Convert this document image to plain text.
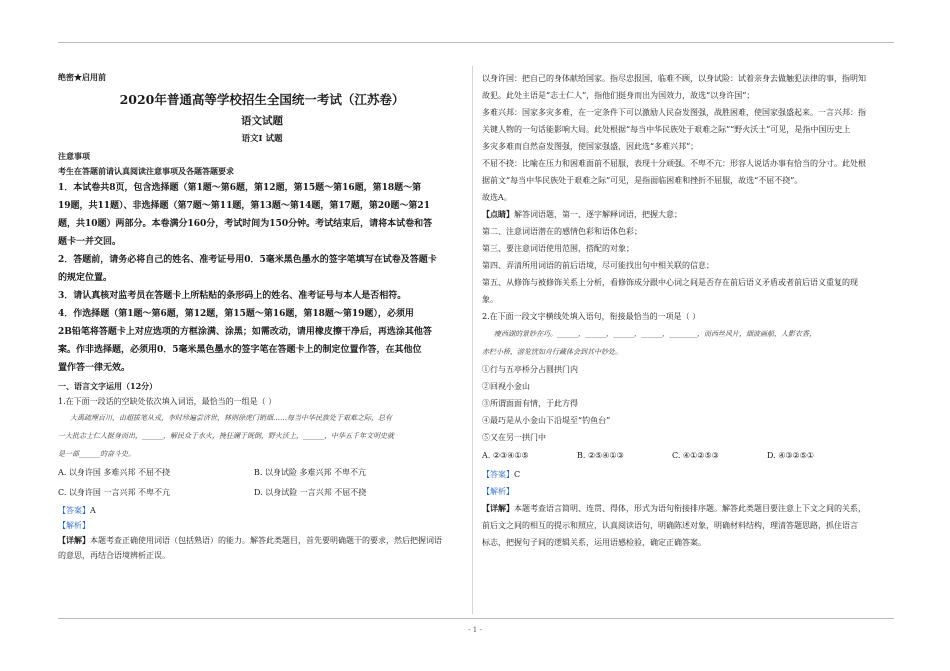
绝密★启用前
2020年普通高等学校招生全国统一考试（江苏卷）
语文试题
语文Ⅰ 试题
注意事项
考生在答题前请认真阅读注意事项及各题答题要求
1．本试卷共8页，包含选择题（第1题～第6题，第12题，第15题～第16题，第18题～第
19题，共11题）、非选择题（第7题～第11题，第13题～第14题，第17题，第20题～第21
题，共10题）两部分。本卷满分160分，考试时间为150分钟。考试结束后，请将本试卷和答
题卡一并交回。
2．答题前，请务必将自己的姓名、准考证号用0．5毫米黑色墨水的签字笔填写在试卷及答题卡
的规定位置。
3．请认真核对监考员在答题卡上所粘贴的条形码上的姓名、准考证号与本人是否相符。
4．作选择题（第1题～第6题，第12题，第15题～第16题，第18题～第19题），必须用
2B铅笔将答题卡上对应选项的方框涂满、涂黑；如需改动，请用橡皮擦干净后，再选涂其他答
案。作非选择题，必须用0．5毫米黑色墨水的签字笔在答题卡上的制定位置作答，在其他位
置作答一律无效。
一、语言文字运用（12分）
1.在下面一段话的空缺处依次填入词语，最恰当的一组是（ ）
大禹疏理百川，由超拔笔从戎，李时珍遍尝济世，林则徐虎门销烟……每当中华民族处于艰难之际，总有
一大批志士仁人挺身而出，______，解民众于水火，挽狂澜于既倒，野火沃土，______，中华五千年文明史就
是一部______的奋斗史。
A. 以身许国 多难兴邦 不屈不挠	B. 以身试险 多难兴邦 不卑不亢
C. 以身许国 一言兴邦 不卑不亢	D. 以身试险 一言兴邦 不屈不挠
【答案】A
【解析】
【详解】本题考查正确使用词语（包括熟语）的能力。解答此类题目，首先要明确题干的要求，然后把握词语
的意思，再结合语境辨析正误。
以身许国：把自己的身体献给国家。指尽忠报国，临难不顾，以身试险：试着亲身去做触犯法律的事，指明知
故犯。此处主语是“志士仁人”，指他们挺身而出为国效力，故选“以身许国”；
多难兴邦：国家多灾多难，在一定条件下可以激励人民奋发图强，战胜困难，使国家强盛起来。一言兴邦：指
关键人物的一句话能影响大局。此处根据“每当中华民族处于艰难之际”“野火沃土”可见，是指中国历史上
多灾多难而自然奋发图强，使国家强盛，因此选“多难兴邦”；
不屈不挠：比喻在压力和困难面前不屈服，表现十分顽强。不卑不亢：形容人说话办事有恰当的分寸。此处根
据前文“每当中华民族处于艰难之际”可见，是指面临困难和挫折不屈服，故选“不屈不挠”。
故选A。
【点睛】解答词语题，第一、逐字解释词语，把握大意；
第二、注意词语潜在的感情色彩和语体色彩；
第三、要注意词语使用范围，搭配的对象；
第四、弄清所用词语的前后语境，尽可能找出句中相关联的信息；
第五、从修饰与被修饰关系上分析，看修饰成分跟中心词之间是否存在前后语义矛盾或者前后语义重复的现
象。
2.在下面一段文字横线处填入语句，衔接最恰当的一项是（ ）
瘦西湖的景妙在巧。______，______，______，______，________，而西丝风片，烟波画船，人影衣香，
赤栏小桥，游览恍如舟行藏体会到其中妙处。
①行与五亭桥分占圆拱门内
②回视小金山
③所谓面面有情，于此方得
④最巧是从小金山下沿堤至“钓鱼台”
⑤又在另一拱门中
A. ②③④①⑤	B. ②⑤④①③	C. ④①②⑤③	D. ④③②⑤①
【答案】C
【解析】
【详解】本题考查语言简明、连贯、得体，形式为语句衔接排序题。解答此类题目要注意上下文之间的关系，
前后文之间的相互的提示和照应，认真阅读语句，明确陈述对象，明确材料结构，理清答题思路，抓住语言
标志，把握句子间的逻辑关系，运用语感检验，确定正确答案。
- 1 -
